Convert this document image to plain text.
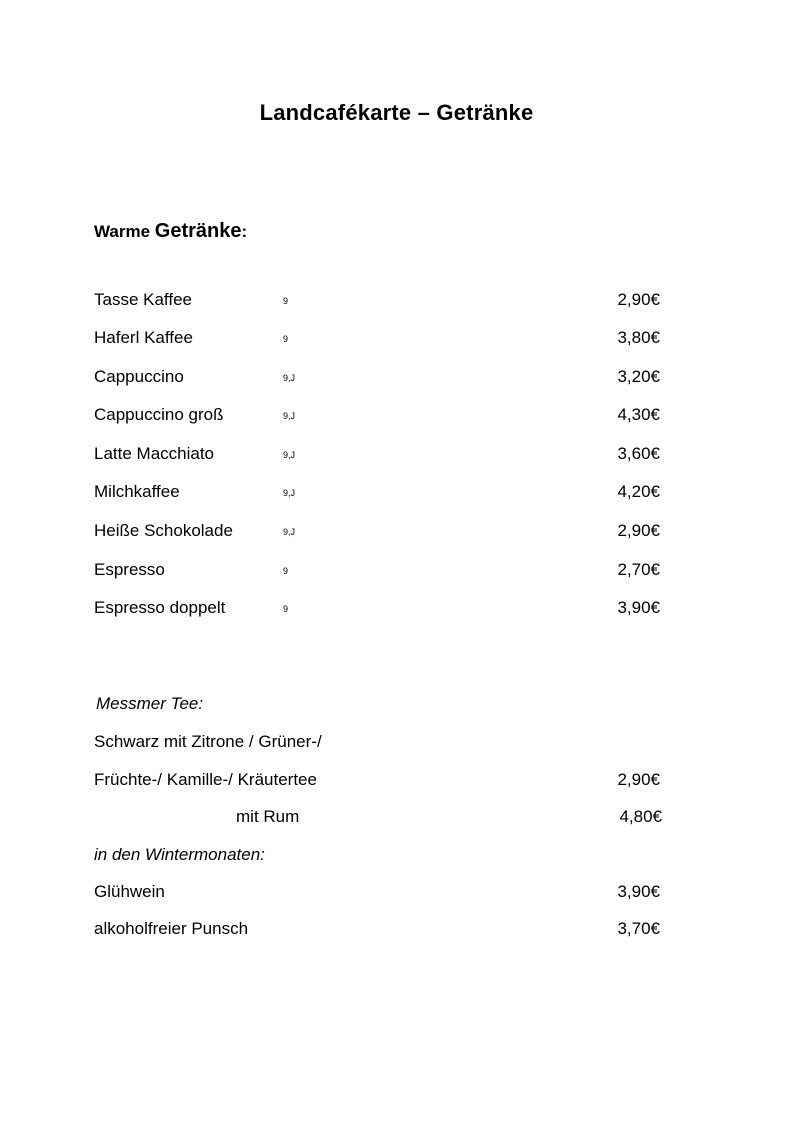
Landcafékarte – Getränke
Warme Getränke:
Tasse Kaffee	9	2,90€
Haferl Kaffee	9	3,80€
Cappuccino	9,J	3,20€
Cappuccino groß	9,J	4,30€
Latte Macchiato	9,J	3,60€
Milchkaffee	9,J	4,20€
Heiße Schokolade	9,J	2,90€
Espresso	9	2,70€
Espresso doppelt	9	3,90€
Messmer Tee:
Schwarz mit Zitrone / Grüner-/
Früchte-/ Kamille-/ Kräutertee	2,90€
mit Rum	4,80€
in den Wintermonaten:
Glühwein	3,90€
alkoholfreier Punsch	3,70€
